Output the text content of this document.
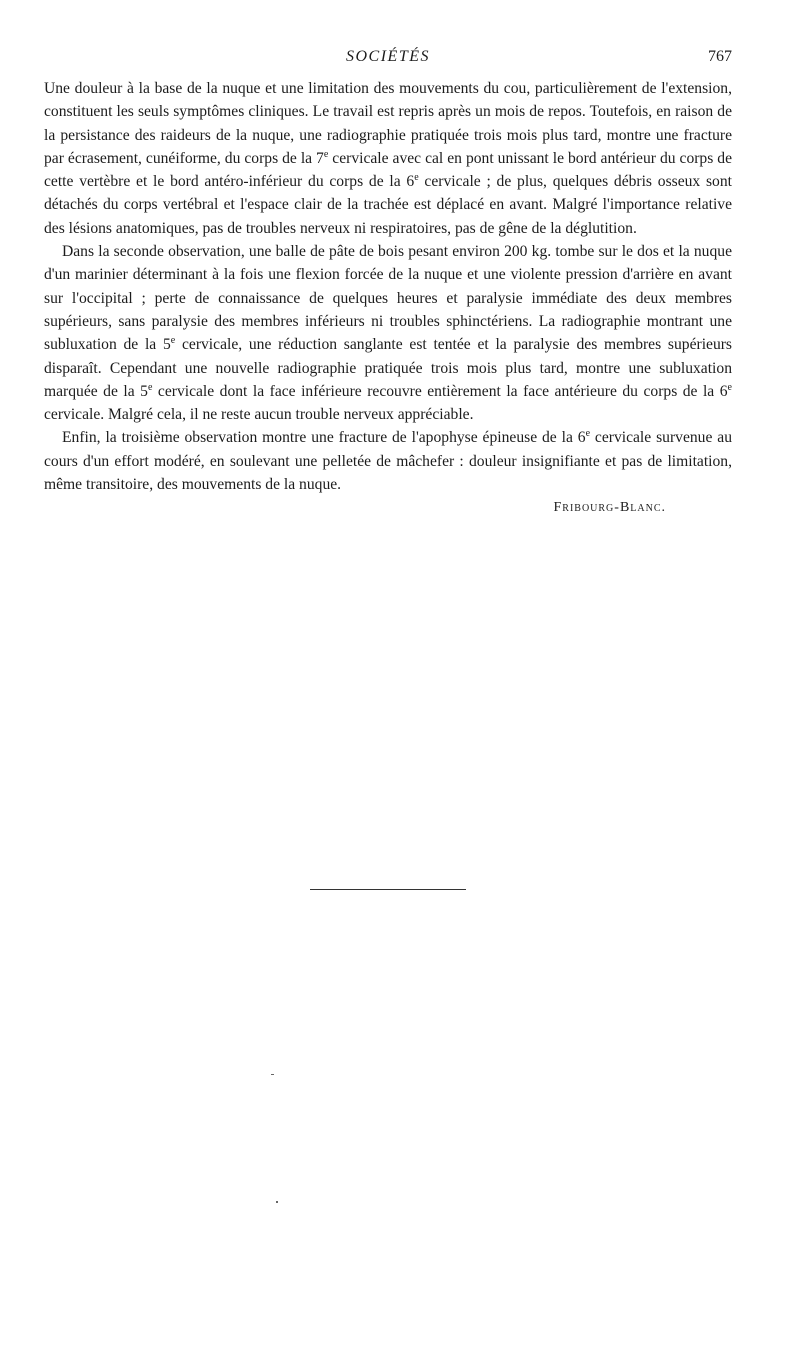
SOCIÉTÉS	767

Une douleur à la base de la nuque et une limitation des mouvements du cou, particulièrement de l'extension, constituent les seuls symptômes cliniques. Le travail est repris après un mois de repos. Toutefois, en raison de la persistance des raideurs de la nuque, une radiographie pratiquée trois mois plus tard, montre une fracture par écrasement, cunéiforme, du corps de la 7e cervicale avec cal en pont unissant le bord antérieur du corps de cette vertèbre et le bord antéro-inférieur du corps de la 6e cervicale ; de plus, quelques débris osseux sont détachés du corps vertébral et l'espace clair de la trachée est déplacé en avant. Malgré l'importance relative des lésions anatomiques, pas de troubles nerveux ni respiratoires, pas de gêne de la déglutition.

Dans la seconde observation, une balle de pâte de bois pesant environ 200 kg. tombe sur le dos et la nuque d'un marinier déterminant à la fois une flexion forcée de la nuque et une violente pression d'arrière en avant sur l'occipital ; perte de connaissance de quelques heures et paralysie immédiate des deux membres supérieurs, sans paralysie des membres inférieurs ni troubles sphinctériens. La radiographie montrant une subluxation de la 5e cervicale, une réduction sanglante est tentée et la paralysie des membres supérieurs disparaît. Cependant une nouvelle radiographie pratiquée trois mois plus tard, montre une subluxation marquée de la 5e cervicale dont la face inférieure recouvre entièrement la face antérieure du corps de la 6e cervicale. Malgré cela, il ne reste aucun trouble nerveux appréciable.

Enfin, la troisième observation montre une fracture de l'apophyse épineuse de la 6e cervicale survenue au cours d'un effort modéré, en soulevant une pelletée de mâchefer : douleur insignifiante et pas de limitation, même transitoire, des mouvements de la nuque.

Fribourg-Blanc.
